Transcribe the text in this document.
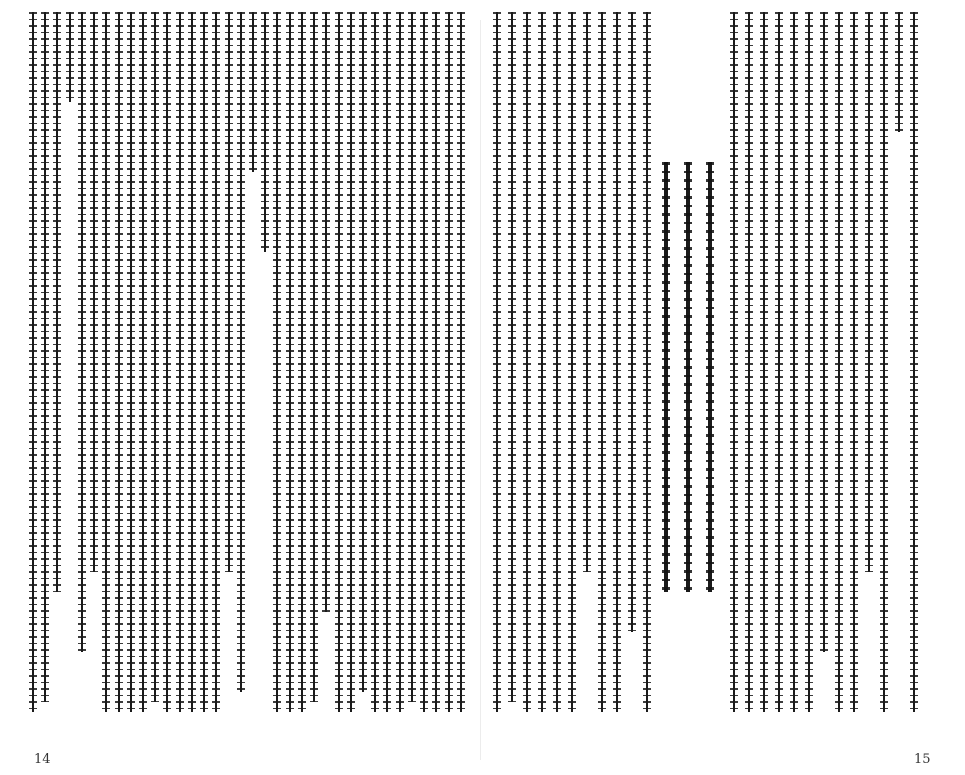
14	15
